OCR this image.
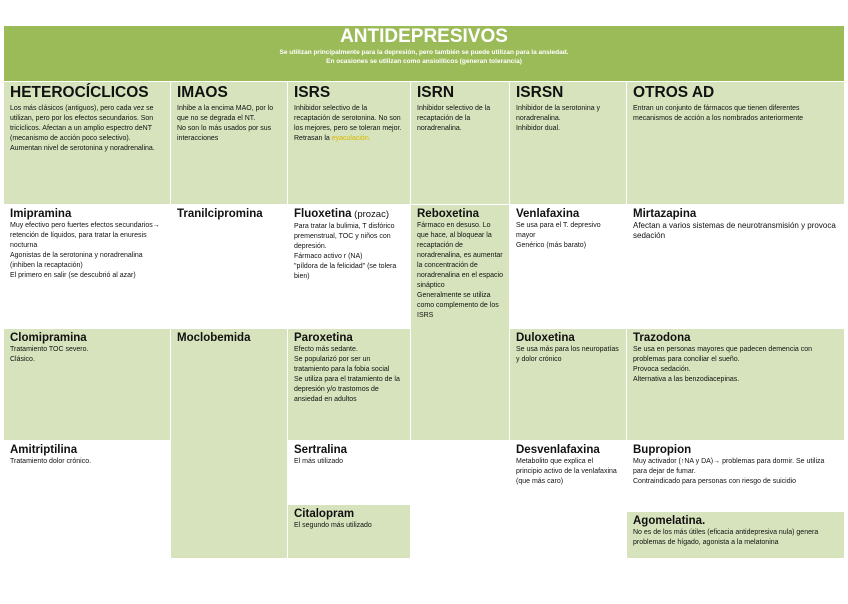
ANTIDEPRESIVOS
Se utilizan principalmente para la depresión, pero también se puede utilizan para la ansiedad. En ocasiones se utilizan como ansiolíticos (generan tolerancia)
HETEROCÍCLICOS
Los más clásicos (antiguos), pero cada vez se utilizan, pero por los efectos secundarios. Son tricíclicos. Afectan a un amplio espectro deNT (mecanismo de acción poco selectivo).
Aumentan nivel de serotonina y noradrenalina.
IMAOS
Inhibe a la encima MAO, por lo que no se degrada el NT.
No son lo más usados por sus interacciones
ISRS
Inhibidor selectivo de la recaptación de serotonina. No son los mejores, pero se toleran mejor.
Retrasan la eyaculación.
ISRN
Inhibidor selectivo de la recaptación de la noradrenalina.
ISRSN
Inhibidor de la serotonina y noradrenalina.
Inhibidor dual.
OTROS AD
Entran un conjunto de fármacos que tienen diferentes mecanismos de acción a los nombrados anteriormente
Imipramina
Muy efectivo pero fuertes efectos secundarios→ retención de líquidos, para tratar la enuresis nocturna
Agonistas de la serotonina y noradrenalina (inhiben la recaptación)
El primero en salir (se descubrió al azar)
Clomipramina
Tratamiento TOC severo.
Clásico.
Amitriptilina
Tratamiento dolor crónico.
Tranilcipromina
Moclobemida
Fluoxetina (prozac)
Para tratar la bulimia, T disfórico premenstrual, TOC y niños con depresión.
Fármaco activo r (NA)
"píldora de la felicidad" (se tolera bien)
Paroxetina
Efecto más sedante.
Se popularizó por ser un tratamiento para la fobia social
Se utiliza para el tratamiento de la depresión y/o trastornos de ansiedad en adultos
Sertralina
El más utilizado
Citalopram
El segundo más utilizado
Reboxetina
Fármaco en desuso. Lo que hace, al bloquear la recaptación de noradrenalina, es aumentar la concentración de noradrenalina en el espacio sináptico
Generalmente se utiliza como complemento de los ISRS
Venlafaxina
Se usa para el T. depresivo mayor
Genérico (más barato)
Duloxetina
Se usa más para los neuropatías y dolor crónico
Desvenlafaxina
Metabolito que explica el principio activo de la venlafaxina (que más caro)
Mirtazapina
Afectan a varios sistemas de neurotransmisión y provoca sedación
Trazodona
Se usa en personas mayores que padecen demencia con problemas para conciliar el sueño.
Provoca sedación.
Alternativa a las benzodiacepinas.
Bupropion
Muy activador (↑NA y DA)→ problemas para dormir. Se utiliza para dejar de fumar.
Contraindicado para personas con riesgo de suicidio
Agomelatina.
No es de los más útiles (eficacia antidepresiva nula) genera problemas de hígado, agonista a la melatonina
